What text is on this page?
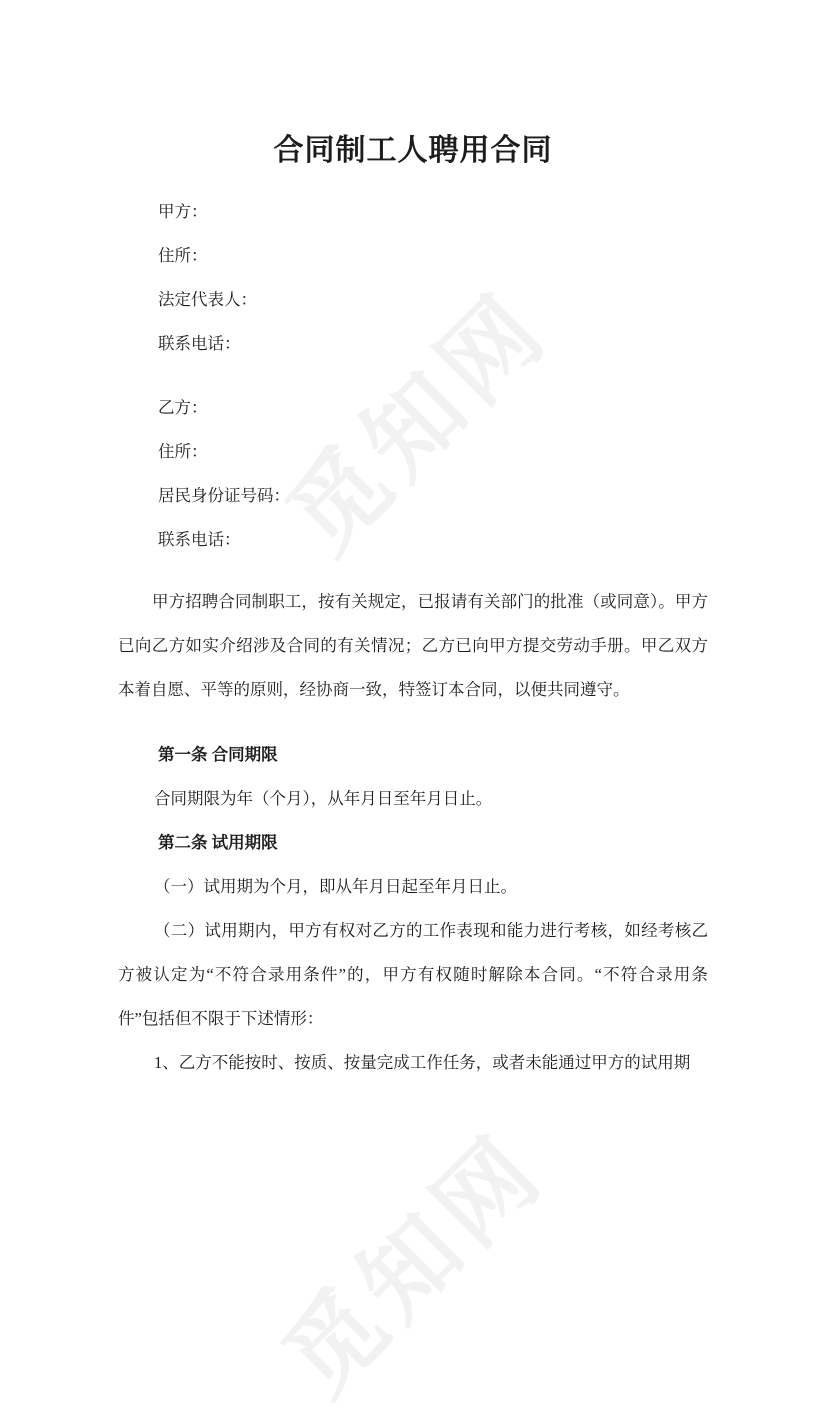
觅知网
觅知网
合同制工人聘用合同
甲方：
住所：
法定代表人：
联系电话：
乙方：
住所：
居民身份证号码：
联系电话：

甲方招聘合同制职工，按有关规定，已报请有关部门的批准（或同意）。甲方已向乙方如实介绍涉及合同的有关情况；乙方已向甲方提交劳动手册。甲乙双方本着自愿、平等的原则，经协商一致，特签订本合同，以便共同遵守。

第一条 合同期限

合同期限为年（个月），从年月日至年月日止。

第二条 试用期限

（一）试用期为个月，即从年月日起至年月日止。

（二）试用期内，甲方有权对乙方的工作表现和能力进行考核，如经考核乙方被认定为“不符合录用条件”的，甲方有权随时解除本合同。“不符合录用条件”包括但不限于下述情形：

1、乙方不能按时、按质、按量完成工作任务，或者未能通过甲方的试用期
